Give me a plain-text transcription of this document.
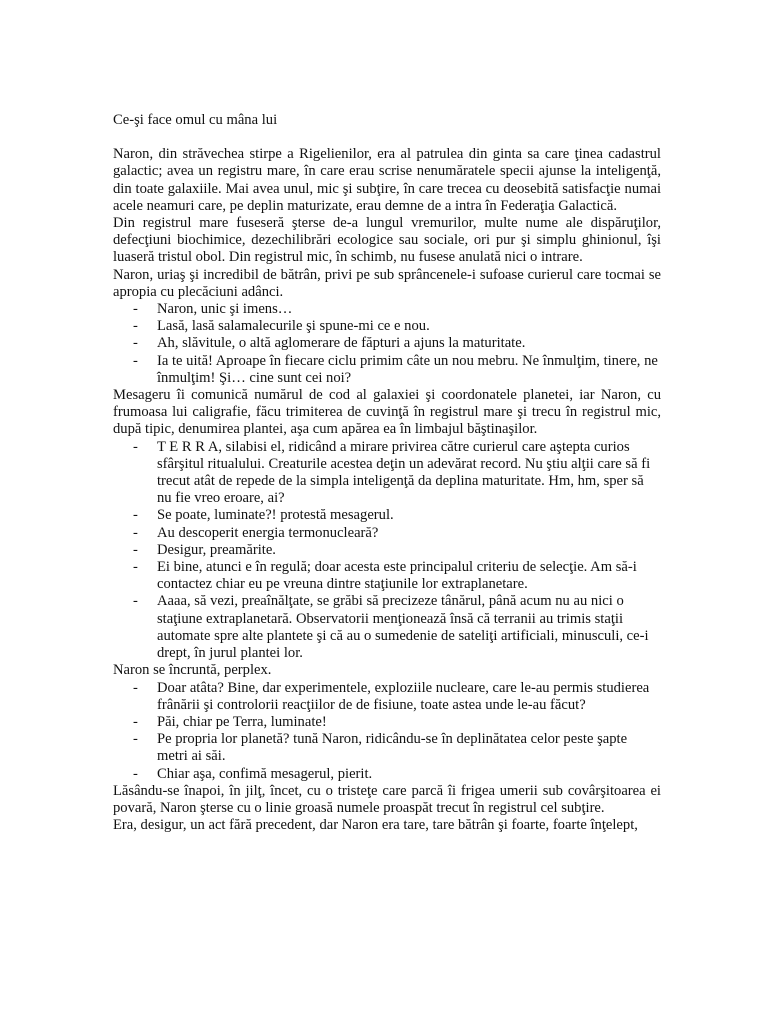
Ce-şi face omul cu mâna lui

Naron, din străvechea stirpe a Rigelienilor, era al patrulea din ginta sa care ţinea cadastrul galactic; avea un registru mare, în care erau scrise nenumăratele specii ajunse la inteligenţă, din toate galaxiile. Mai avea unul, mic şi subţire, în care trecea cu deosebită satisfacţie numai acele neamuri care, pe deplin maturizate, erau demne de a intra în Federaţia Galactică.

Din registrul mare fuseseră şterse de-a lungul vremurilor, multe nume ale dispăruţilor, defecţiuni biochimice, dezechilibrări ecologice sau sociale, ori pur şi simplu ghinionul, îşi luaseră tristul obol. Din registrul mic, în schimb, nu fusese anulată nici o intrare.

Naron, uriaş şi incredibil de bătrân, privi pe sub sprâncenele-i sufoase curierul care tocmai se apropia cu plecăciuni adânci.

- Naron, unic şi imens…
- Lasă, lasă salamalecurile şi spune-mi ce e nou.
- Ah, slăvitule, o altă aglomerare de făpturi a ajuns la maturitate.
- Ia te uită! Aproape în fiecare ciclu primim câte un nou mebru. Ne înmulţim, tinere, ne înmulţim! Şi… cine sunt cei noi?

Mesageru îi comunică numărul de cod al galaxiei şi coordonatele planetei, iar Naron, cu frumoasa lui caligrafie, făcu trimiterea de cuvinţă în registrul mare şi trecu în registrul mic, după tipic, denumirea plantei, aşa cum apărea ea în limbajul băştinaşilor.

- T E R R A, silabisi el, ridicând a mirare privirea către curierul care aştepta curios sfârşitul ritualului. Creaturile acestea deţin un adevărat record. Nu ştiu alţii care să fi trecut atât de repede de la simpla inteligenţă da deplina maturitate. Hm, hm, sper să nu fie vreo eroare, ai?
- Se poate, luminate?! protestă mesagerul.
- Au descoperit energia termonucleară?
- Desigur, preamărite.
- Ei bine, atunci e în regulă; doar acesta este principalul criteriu de selecţie. Am să-i contactez chiar eu pe vreuna dintre staţiunile lor extraplanetare.
- Aaaa, să vezi, preaînălţate, se grăbi să precizeze tânărul, până acum nu au nici o staţiune extraplanetară. Observatorii menţionează însă că terranii au trimis staţii automate spre alte plantete şi că au o sumedenie de sateliţi artificiali, minusculi, ce-i drept, în jurul plantei lor.

Naron se încruntă, perplex.

- Doar atâta? Bine, dar experimentele, exploziile nucleare, care le-au permis studierea frânării şi controlorii reacţiilor de de fisiune, toate astea unde le-au făcut?
- Păi, chiar pe Terra, luminate!
- Pe propria lor planetă? tună Naron, ridicându-se în deplinătatea celor peste şapte metri ai săi.
- Chiar aşa, confimă mesagerul, pierit.

Lăsându-se înapoi, în jilţ, încet, cu o tristeţe care parcă îi frigea umerii sub covârşitoarea ei povară, Naron şterse cu o linie groasă numele proaspăt trecut în registrul cel subţire.

Era, desigur, un act fără precedent, dar Naron era tare, tare bătrân şi foarte, foarte înţelept,
